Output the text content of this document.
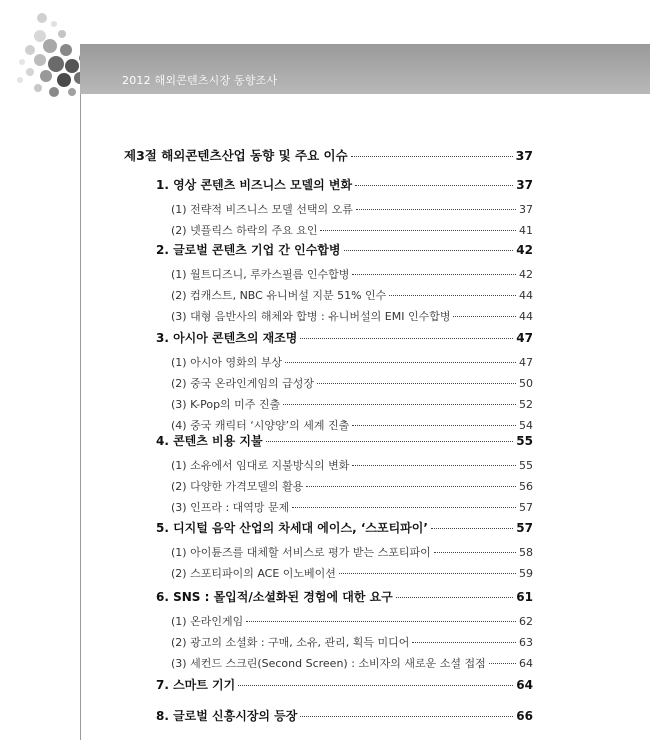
2012 해외콘텐츠시장 동향조사
제3절 해외콘텐츠산업 동향 및 주요 이슈	37
1. 영상 콘텐츠 비즈니스 모델의 변화	37
(1) 전략적 비즈니스 모델 선택의 오류	37
(2) 넷플릭스 하락의 주요 요인	41
2. 글로벌 콘텐츠 기업 간 인수합병	42
(1) 월트디즈니, 루카스필름 인수합병	42
(2) 컴캐스트, NBC 유니버설 지분 51% 인수	44
(3) 대형 음반사의 해체와 합병 : 유니버설의 EMI 인수합병	44
3. 아시아 콘텐츠의 재조명	47
(1) 아시아 영화의 부상	47
(2) 중국 온라인게임의 급성장	50
(3) K-Pop의 미주 진출	52
(4) 중국 캐릭터 ‘시양양’의 세계 진출	54
4. 콘텐츠 비용 지불	55
(1) 소유에서 임대로 지불방식의 변화	55
(2) 다양한 가격모델의 활용	56
(3) 인프라 : 대역망 문제	57
5. 디지털 음악 산업의 차세대 에이스, ‘스포티파이’	57
(1) 아이튠즈를 대체할 서비스로 평가 받는 스포티파이	58
(2) 스포티파이의 ACE 이노베이션	59
6. SNS : 몰입적/소셜화된 경험에 대한 요구	61
(1) 온라인게임	62
(2) 광고의 소셜화 : 구매, 소유, 관리, 획득 미디어	63
(3) 세컨드 스크린(Second Screen) : 소비자의 새로운 소셜 접점	64
7. 스마트 기기	64
8. 글로벌 신흥시장의 등장	66
